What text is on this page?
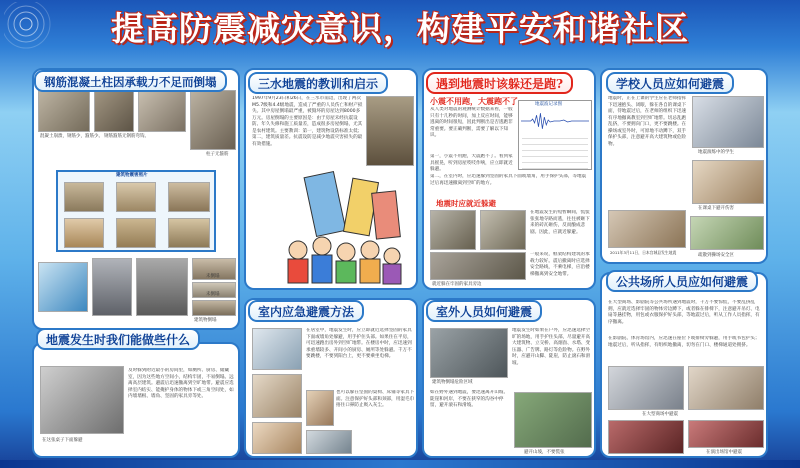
提高防震减灾意识，构建平安和谐社区
混凝土崩溃，钢筋少，箍筋少。 钢筋箍筋无钢筋弯钩。
柱子无箍筋
建筑物震害照片
未倒塌
未倒塌
建筑物倒塌
钢筋混凝土柱因承载力不足而倒塌
在这张桌子下面躲避
及时躲到附近最小的房间里，如厕所、厨房、储藏室，因为这些地方空间小，结构牢固，不易倒塌。远离高层建筑。避震后迅速撤离到空旷地带。避震应选择室内结实、能掩护身体的物体下或三角空间处，如内墙墙根、墙角、坚固的家具旁等处。
地震发生时我们能做些什么
1997年9月23日和26日，在三水市南边，出现了两次M5.7级和4.4级地震，造成了严重的人员伤亡和财产损失。其中房屋倒塌最严重，被毁坏的房屋达到8000多万元。房屋倒塌的主要原因是：由于房屋未经抗震设防、年久失修和施工质量差，造成很多房屋倒塌，尤其是农村建筑。主要教训：第一，建筑物设防标准太低；第二，建筑质量差。抗震设防是减少地震灾害损失的最有效措施。
三水地震的教训和启示
在居室中，地震发生时，应立即就近选择坚固的家具下面或墙角处躲避，用手护住头部。如果住在平房，可迅速跑出房外到空旷地带。在楼房中时，应迅速到承重墙较多、开间小的厨房、厕所等处躲避。千万不要跳楼，不要到阳台上，更不要乘坐电梯。
也可以躲在坚固的桌椅、床铺等家具下面。注意保护好头部和颈部，用湿毛巾捂住口鼻防止吸入灰尘。
室内应急避震方法
小震不用跑，大震跑不了
从人类对地震的观测统计数据来看，一般只有十几秒的时间，加上反应时间，能够逃离的时间很短，因此判断出是否逃跑非常重要。要正确判断，需要了解以下知识。
地震波记录图
第一，小震不用跑，大震跑不了。看到家具摇晃，听到房屋吱吱作响，应立即就近躲避。
第二，在室内时，应迅速躲到坚固的家具下面或墙角，用手保护头部，等地震过后再迅速撤离到空旷的地方。
地震时应就近躲避
就近躲在牢固的家具旁边
在地震发生的短暂瞬间，慌慌张张地夺路而逃，往往被砸下来的砖瓦砸伤，反而酿成悲剧。因此，应就近躲避。
一般来说，框架结构建筑的承载力较好。震后撤离时应选择安全路线，不乘电梯，应沿楼梯撤离到安全地带。
遇到地震时该躲还是跑?
建筑物倒塌危险区域
地震发生时如果在户外，应迅速选择空旷的场地，用手护住头部，尽量避开高大建筑物、立交桥、高烟囱、水塔、变压器、广告牌、路灯等危险物。在野外时，应避开山脚、陡崖，防止滚石和滑坡。
如在野外遇到地震，要迅速离开山坡、陡崖和河岸，不要在狭窄的沟谷中停留，避开滚石和滑坡。
避开山坡，不要慌张
室外人员如何避震
地震时，正在上课的学生应在老师指挥下迅速抱头、闭眼，躲在各自的课桌下面，待地震过后，在老师的组织下迅速有序地撤离教室到空旷地带。切忌乱跑乱挤，不要拥向门口，更不要跳楼。在操场或室外时，可原地不动蹲下，双手保护头部，注意避开高大建筑物或危险物。
地震演练中的学生
在课桌下避开伤害
2011年3月11日，日本宫城县发生地震
疏散到操场安全区
学校人员应如何避震
在大型商场、影剧院等公共场所遇到地震时，千万不要惊慌，不要乱挤乱拥，应就近选择牢固的物体旁边蹲下，或者躲在排椅下，注意避开吊灯、电扇等悬挂物，用包或衣服保护好头部，等地震过后，听从工作人员指挥，有序撤离。
在影剧院、体育场馆内，应迅速在座位下或排椅旁躲避，用手或书包护头；地震过后，听从指挥，有组织地撤离，切勿在门口、楼梯通道处拥挤。
在大型商场中避震
在演出场馆中避震
公共场所人员应如何避震
